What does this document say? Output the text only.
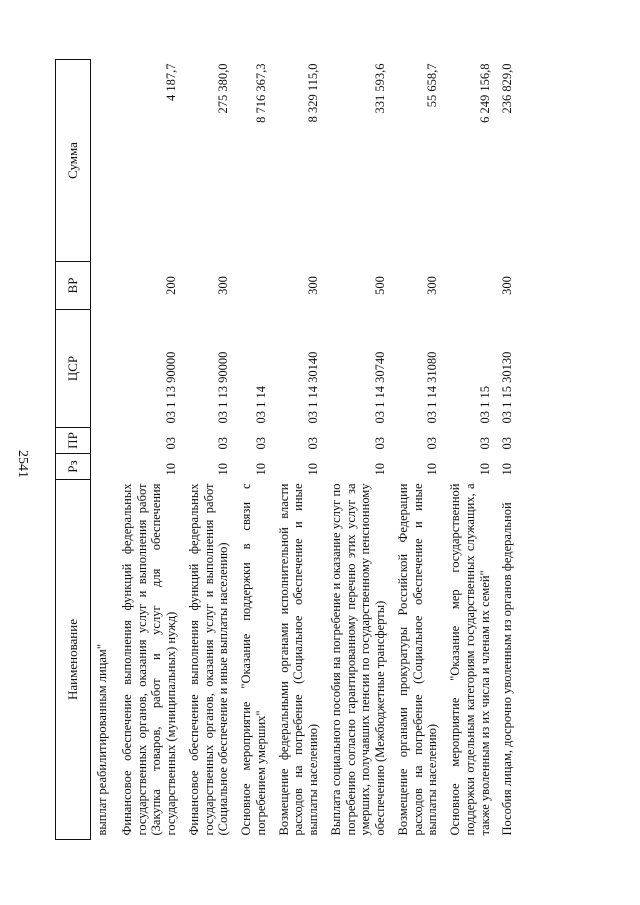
2541
Наименование	Рз	ПР	ЦСР	ВР	Сумма
выплат реабилитированным лицам"					
Финансовое обеспечение выполнения функций федеральных государственных органов, оказания услуг и выполнения работ (Закупка товаров, работ и услуг для обеспечения государственных (муниципальных) нужд)	10	03	03 1 13 90000	200	4 187,7
Финансовое обеспечение выполнения функций федеральных государственных органов, оказания услуг и выполнения работ (Социальное обеспечение и иные выплаты населению)	10	03	03 1 13 90000	300	275 380,0
Основное мероприятие "Оказание поддержки в связи с погребением умерших"	10	03	03 1 14		8 716 367,3
Возмещение федеральными органами исполнительной власти расходов на погребение (Социальное обеспечение и иные выплаты населению)	10	03	03 1 14 30140	300	8 329 115,0
Выплата социального пособия на погребение и оказание услуг по погребению согласно гарантированному перечню этих услуг за умерших, получавших пенсии по государственному пенсионному обеспечению (Межбюджетные трансферты)	10	03	03 1 14 30740	500	331 593,6
Возмещение органами прокуратуры Российской Федерации расходов на погребение (Социальное обеспечение и иные выплаты населению)	10	03	03 1 14 31080	300	55 658,7
Основное мероприятие "Оказание мер государственной поддержки отдельным категориям государственных служащих, а также уволенным из их числа и членам их семей"	10	03	03 1 15		6 249 156,8
Пособия лицам, досрочно уволенным из органов федеральной	10	03	03 1 15 30130	300	236 829,0
